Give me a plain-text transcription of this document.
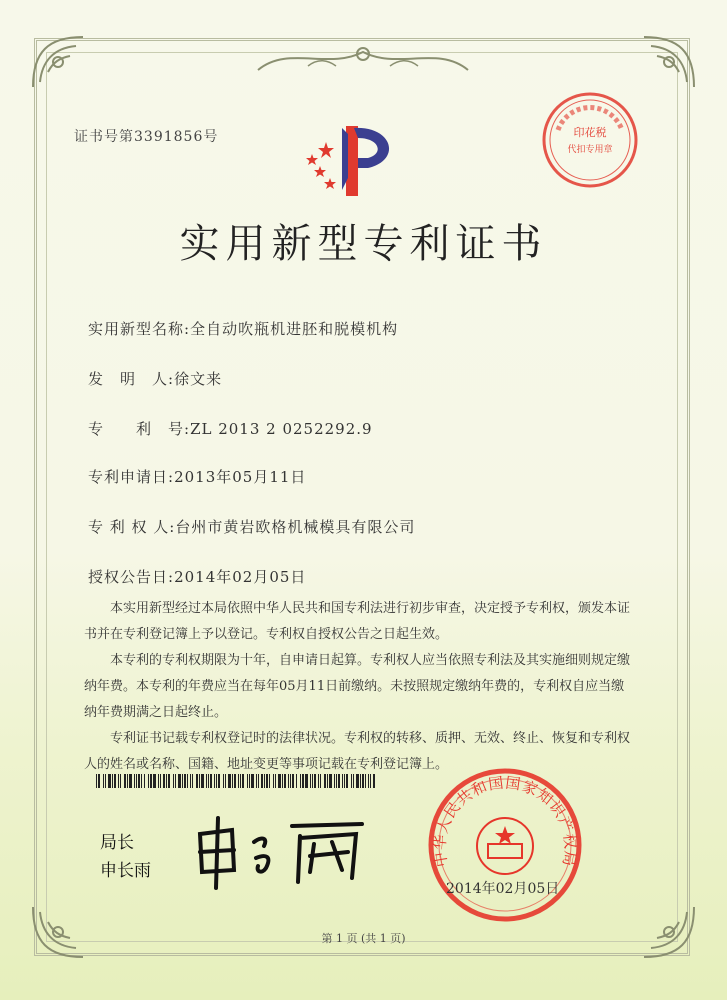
证书号第3391856号	印花税
代扣专用章
实用新型专利证书
实用新型名称:全自动吹瓶机进胚和脱模机构
发　明　人:徐文来
专　　利　号:ZL 2013 2 0252292.9
专利申请日:2013年05月11日
专 利 权 人:台州市黄岩欧格机械模具有限公司
授权公告日:2014年02月05日

本实用新型经过本局依照中华人民共和国专利法进行初步审查，决定授予专利权，颁发本证书并在专利登记簿上予以登记。专利权自授权公告之日起生效。

本专利的专利权期限为十年，自申请日起算。专利权人应当依照专利法及其实施细则规定缴纳年费。本专利的年费应当在每年05月11日前缴纳。未按照规定缴纳年费的，专利权自应当缴纳年费期满之日起终止。

专利证书记载专利权登记时的法律状况。专利权的转移、质押、无效、终止、恢复和专利权人的姓名或名称、国籍、地址变更等事项记载在专利登记簿上。

局长
申长雨
中华人民共和国国家知识产权局
2014年02月05日
第 1 页 (共 1 页)
